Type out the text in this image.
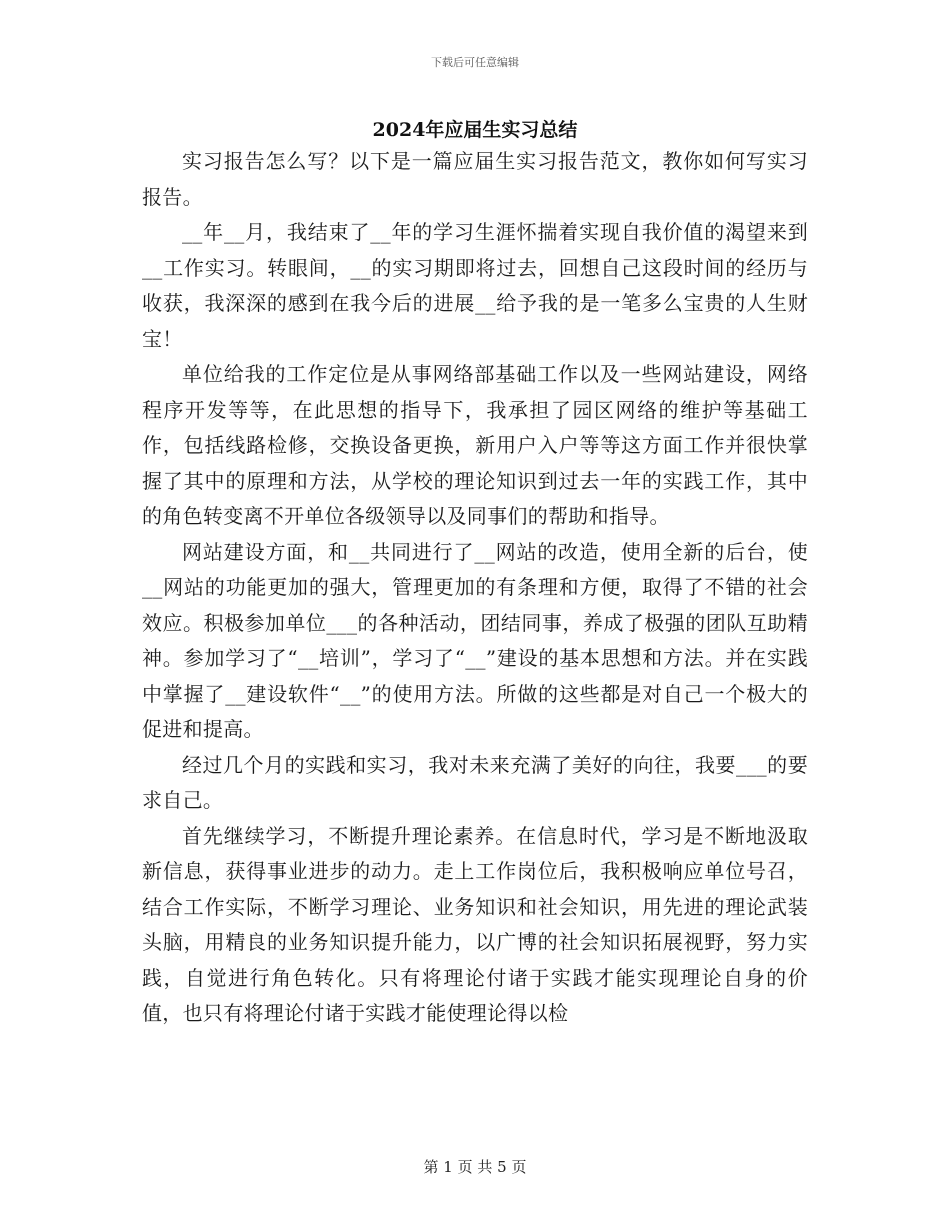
下载后可任意编辑
2024年应届生实习总结

实习报告怎么写？以下是一篇应届生实习报告范文，教你如何写实习报告。

__年__月，我结束了__年的学习生涯怀揣着实现自我价值的渴望来到__工作实习。转眼间，__的实习期即将过去，回想自己这段时间的经历与收获，我深深的感到在我今后的进展__给予我的是一笔多么宝贵的人生财宝！

单位给我的工作定位是从事网络部基础工作以及一些网站建设，网络程序开发等等，在此思想的指导下，我承担了园区网络的维护等基础工作，包括线路检修，交换设备更换，新用户入户等等这方面工作并很快掌握了其中的原理和方法，从学校的理论知识到过去一年的实践工作，其中的角色转变离不开单位各级领导以及同事们的帮助和指导。

网站建设方面，和__共同进行了__网站的改造，使用全新的后台，使__网站的功能更加的强大，管理更加的有条理和方便，取得了不错的社会效应。积极参加单位___的各种活动，团结同事，养成了极强的团队互助精神。参加学习了“__培训”，学习了“__”建设的基本思想和方法。并在实践中掌握了__建设软件“__”的使用方法。所做的这些都是对自己一个极大的促进和提高。

经过几个月的实践和实习，我对未来充满了美好的向往，我要___的要求自己。

首先继续学习，不断提升理论素养。在信息时代，学习是不断地汲取新信息，获得事业进步的动力。走上工作岗位后，我积极响应单位号召，结合工作实际，不断学习理论、业务知识和社会知识，用先进的理论武装头脑，用精良的业务知识提升能力，以广博的社会知识拓展视野，努力实践，自觉进行角色转化。只有将理论付诸于实践才能实现理论自身的价值，也只有将理论付诸于实践才能使理论得以检

第 1 页 共 5 页
